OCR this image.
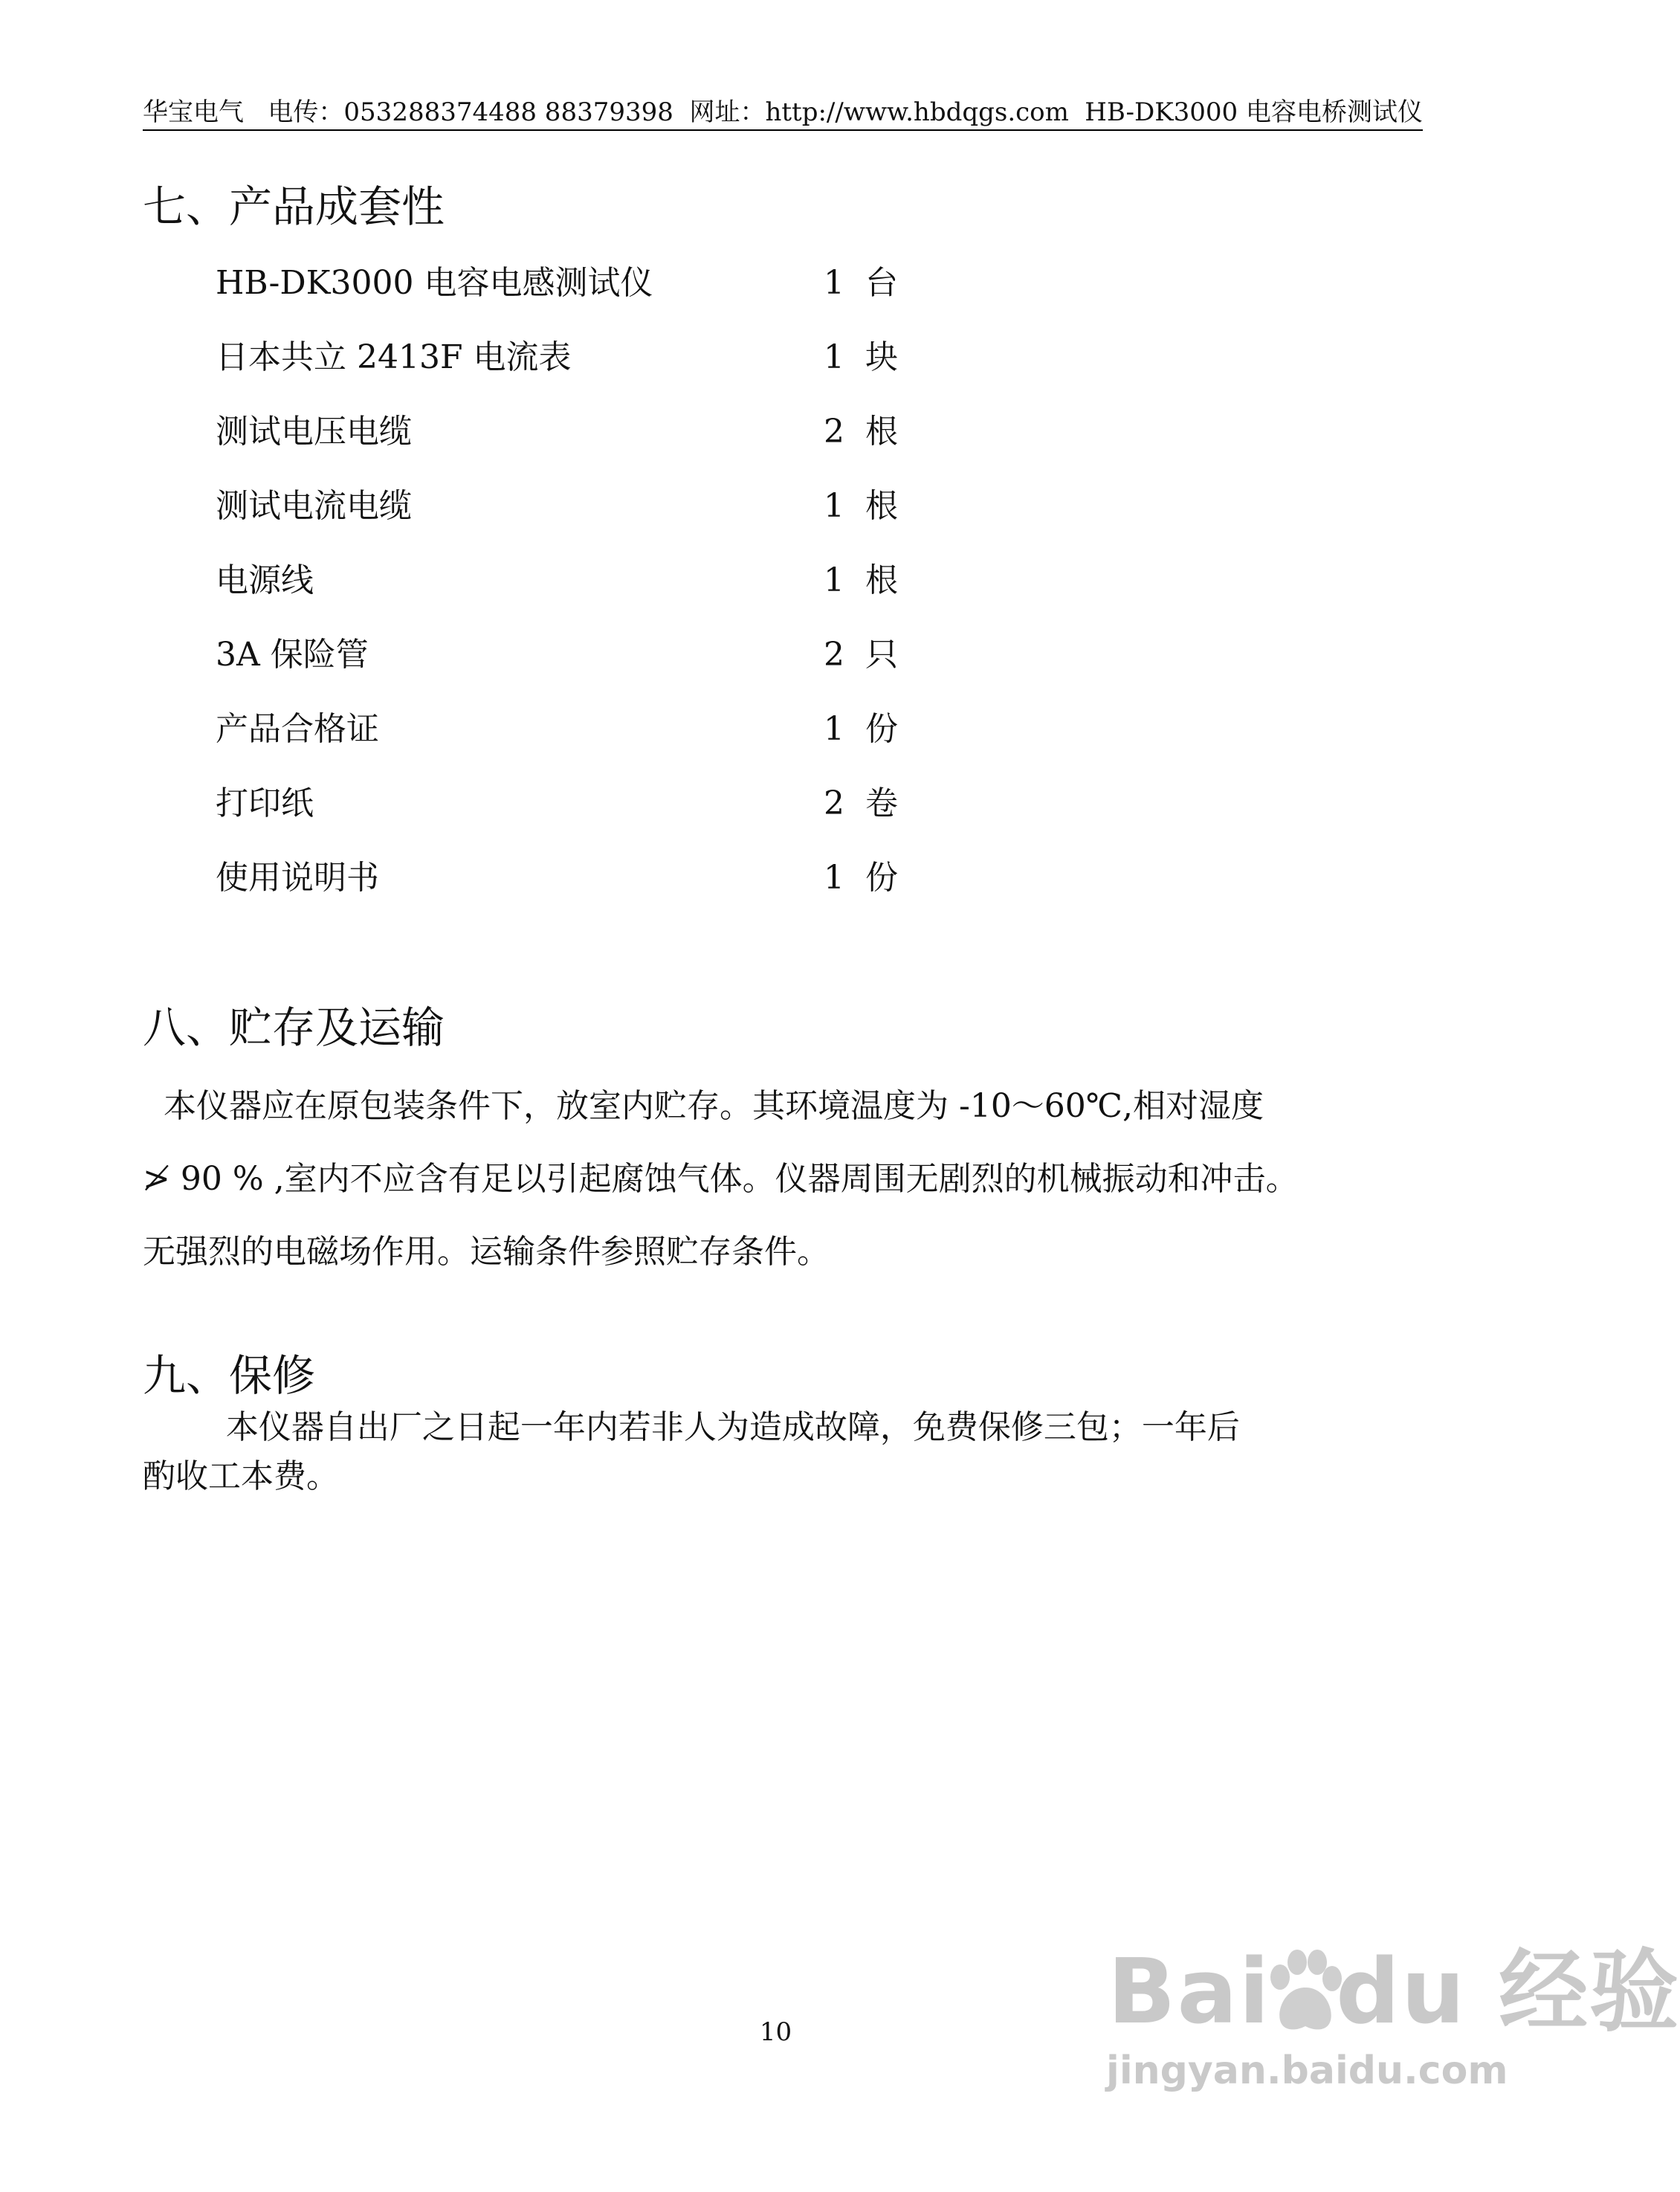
华宝电气   电传：053288374488 88379398  网址：http://www.hbdqgs.com HB-DK3000 电容电桥测试仪
七、产品成套性
HB-DK3000 电容电感测试仪	1  台
日本共立 2413F 电流表	1  块
测试电压电缆	2  根
测试电流电缆	1  根
电源线	1  根
3A 保险管	2  只
产品合格证	1  份
打印纸	2  卷
使用说明书	1  份
八、贮存及运输
本仪器应在原包装条件下，放室内贮存。其环境温度为 -10～60℃,相对湿度
≯ 90 % ,室内不应含有足以引起腐蚀气体。仪器周围无剧烈的机械振动和冲击。
无强烈的电磁场作用。运输条件参照贮存条件。
九、保修
本仪器自出厂之日起一年内若非人为造成故障，免费保修三包；一年后
酌收工本费。
10	Bai  du 经验
jingyan.baidu.com
